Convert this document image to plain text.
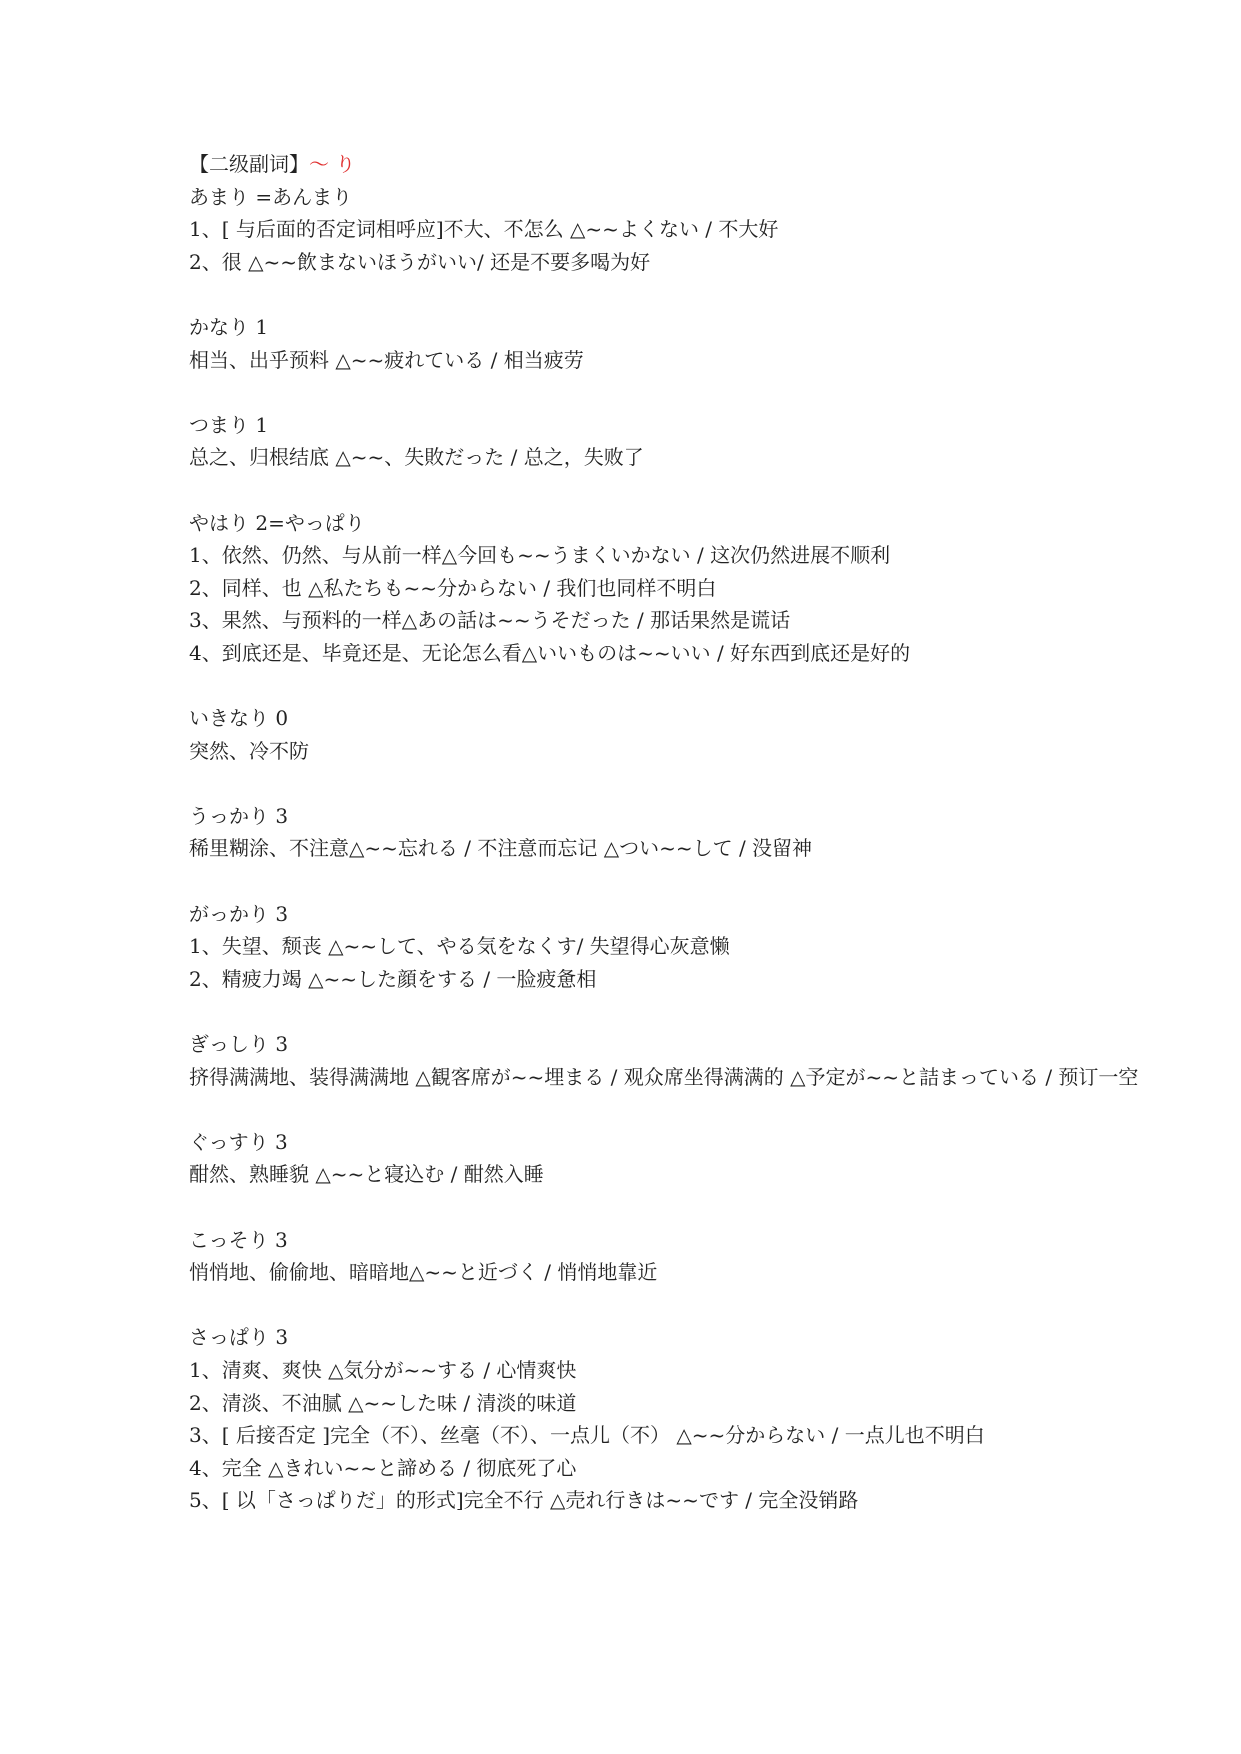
【二级副词】～ り
あまり =あんまり
1、[ 与后面的否定词相呼应]不大、不怎么 △~~よくない / 不大好
2、很 △~~飲まないほうがいい/ 还是不要多喝为好
かなり 1
相当、出乎预料 △~~疲れている / 相当疲劳
つまり 1
总之、归根结底 △~~、失敗だった / 总之，失败了
やはり 2=やっぱり
1、依然、仍然、与从前一样△今回も~~うまくいかない / 这次仍然进展不顺利
2、同样、也 △私たちも~~分からない / 我们也同样不明白
3、果然、与预料的一样△あの話は~~うそだった / 那话果然是谎话
4、到底还是、毕竟还是、无论怎么看△いいものは~~いい / 好东西到底还是好的
いきなり 0
突然、冷不防
うっかり 3
稀里糊涂、不注意△~~忘れる / 不注意而忘记 △つい~~して / 没留神
がっかり 3
1、失望、颓丧 △~~して、やる気をなくす/ 失望得心灰意懒
2、精疲力竭 △~~した顔をする / 一脸疲惫相
ぎっしり 3
挤得满满地、装得满满地 △観客席が~~埋まる / 观众席坐得满满的 △予定が~~と詰まっている / 预订一空
ぐっすり 3
酣然、熟睡貌 △~~と寝込む / 酣然入睡
こっそり 3
悄悄地、偷偷地、暗暗地△~~と近づく / 悄悄地靠近
さっぱり 3
1、清爽、爽快 △気分が~~する / 心情爽快
2、清淡、不油腻 △~~した味 / 清淡的味道
3、[ 后接否定 ]完全（不）、丝毫（不）、一点儿（不） △~~分からない / 一点儿也不明白
4、完全 △きれい~~と諦める / 彻底死了心
5、[ 以「さっぱりだ」的形式]完全不行 △売れ行きは~~です / 完全没销路
